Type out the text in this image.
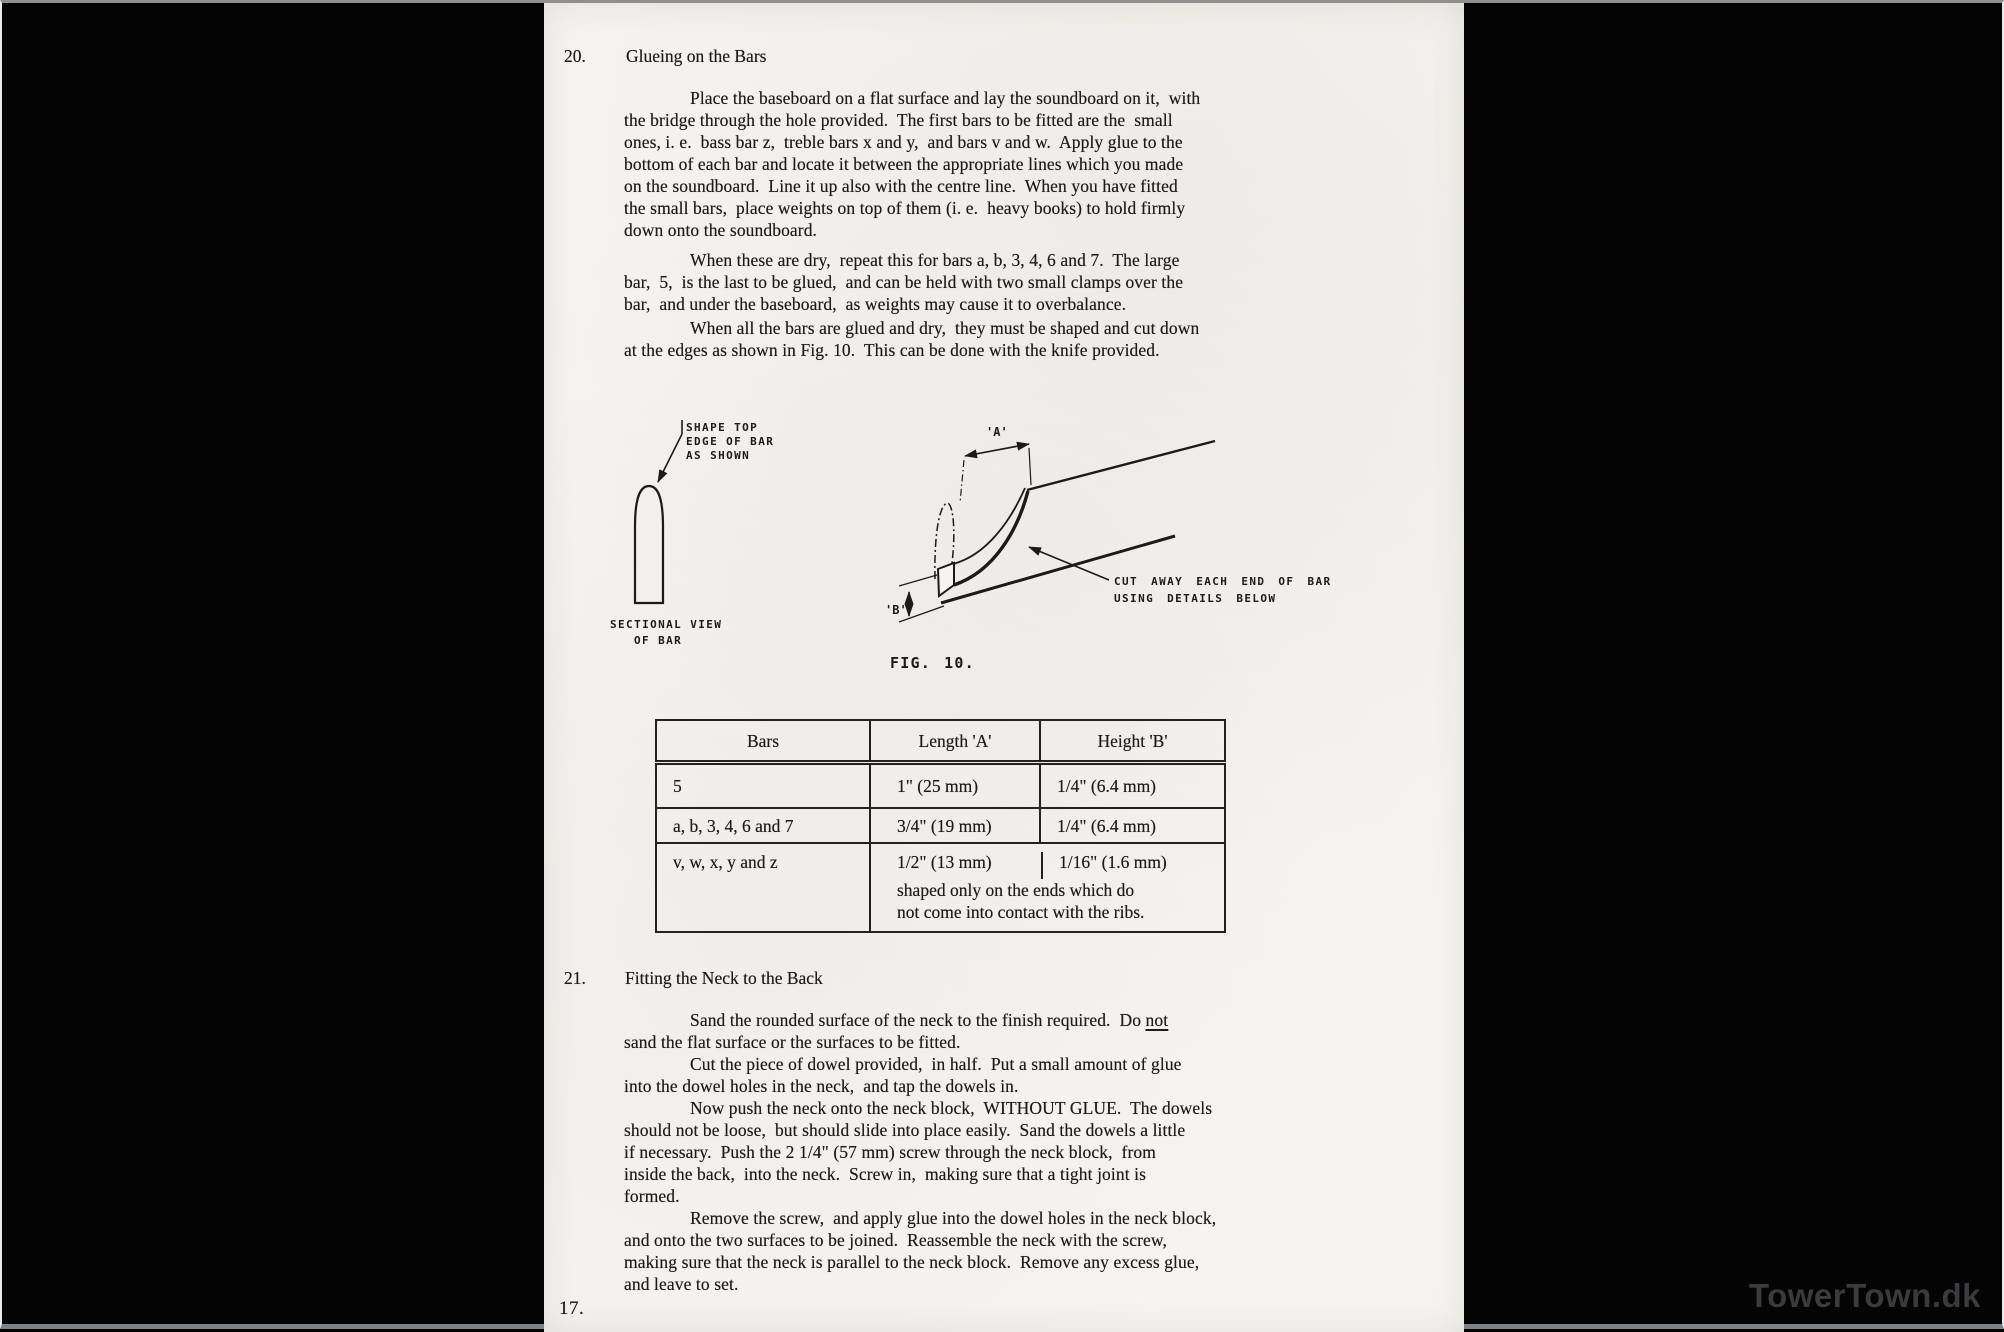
20. Glueing on the Bars
Place the baseboard on a flat surface and lay the soundboard on it,  with
the bridge through the hole provided.  The first bars to be fitted are the  small
ones, i. e.  bass bar z,  treble bars x and y,  and bars v and w.  Apply glue to the
bottom of each bar and locate it between the appropriate lines which you made
on the soundboard.  Line it up also with the centre line.  When you have fitted
the small bars,  place weights on top of them (i. e.  heavy books) to hold firmly
down onto the soundboard.
When these are dry,  repeat this for bars a, b, 3, 4, 6 and 7.  The large
bar,  5,  is the last to be glued,  and can be held with two small clamps over the
bar,  and under the baseboard,  as weights may cause it to overbalance.
When all the bars are glued and dry,  they must be shaped and cut down
at the edges as shown in Fig. 10.  This can be done with the knife provided.
SHAPE TOP
EDGE OF BAR
AS SHOWN
SECTIONAL VIEW
OF BAR
'A'
'B'
CUT AWAY EACH END OF BAR
USING DETAILS BELOW
FIG. 10.
Bars	Length 'A'	Height 'B'
5	1" (25 mm)	1/4" (6.4 mm)
a, b, 3, 4, 6 and 7	3/4" (19 mm)	1/4" (6.4 mm)
v, w, x, y and z	1/2" (13 mm) 1/16" (1.6 mm)
shaped only on the ends which do
not come into contact with the ribs.	
21. Fitting the Neck to the Back
Sand the rounded surface of the neck to the finish required.  Do not
sand the flat surface or the surfaces to be fitted.
Cut the piece of dowel provided,  in half.  Put a small amount of glue
into the dowel holes in the neck,  and tap the dowels in.
Now push the neck onto the neck block,  WITHOUT GLUE.  The dowels
should not be loose,  but should slide into place easily.  Sand the dowels a little
if necessary.  Push the 2 1/4" (57 mm) screw through the neck block,  from
inside the back,  into the neck.  Screw in,  making sure that a tight joint is
formed.
Remove the screw,  and apply glue into the dowel holes in the neck block,
and onto the two surfaces to be joined.  Reassemble the neck with the screw,
making sure that the neck is parallel to the neck block.  Remove any excess glue,
and leave to set.
17.	TowerTown.dk
